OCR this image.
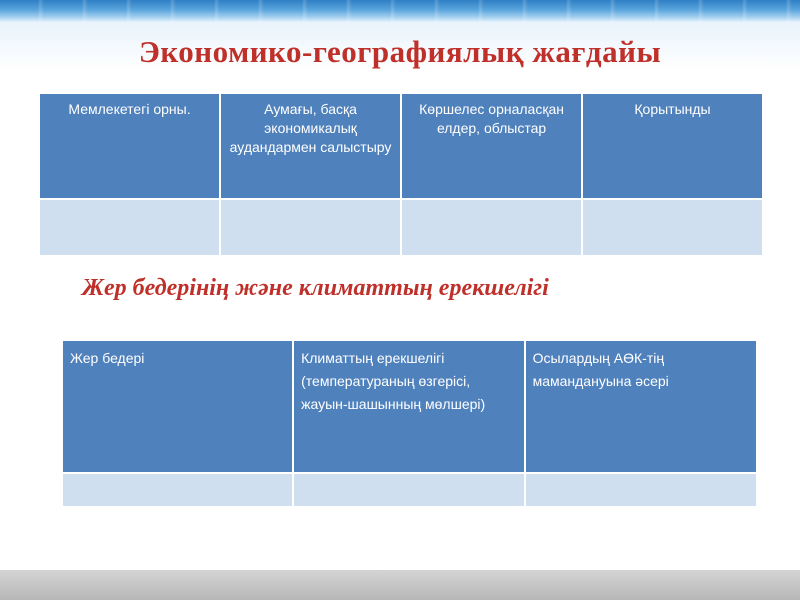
Экономико-географиялық жағдайы
Мемлекетегі орны.	Аумағы, басқа экономикалық аудандармен салыстыру	Көршелес орналасқан елдер, облыстар	Қорытынды

Жер бедерінің және климаттың ерекшелігі
Жер бедері	Климаттың ерекшелігі (температураның өзгерісі, жауын-шашынның мөлшері)	Осылардың АӨК-тің мамандануына әсері
